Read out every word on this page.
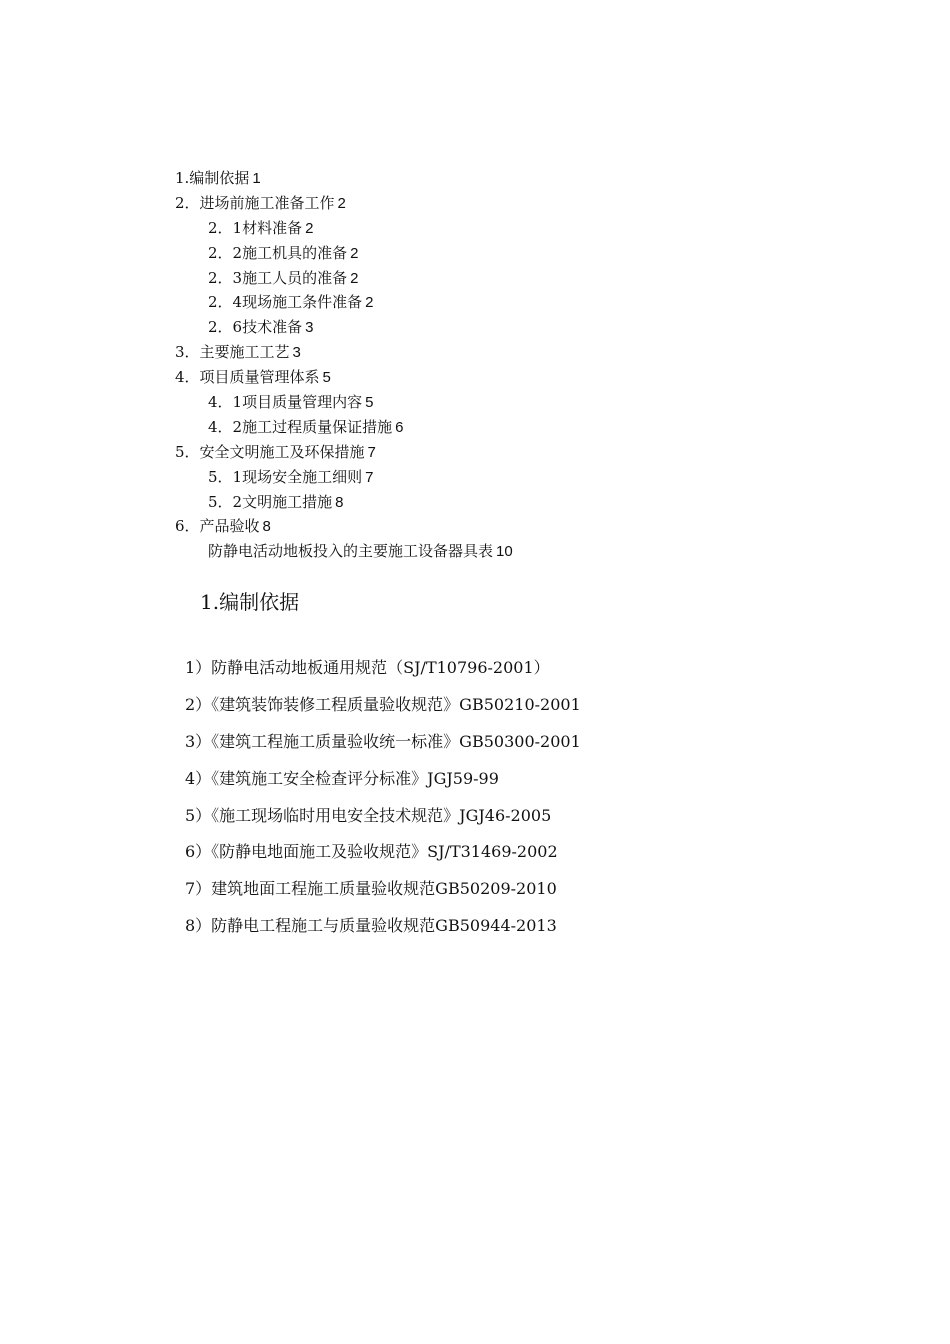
1.编制依据 1
2．进场前施工准备工作 2
2．1材料准备 2
2．2施工机具的准备 2
2．3施工人员的准备 2
2．4现场施工条件准备 2
2．6技术准备 3
3．主要施工工艺 3
4．项目质量管理体系 5
4．1项目质量管理内容 5
4．2施工过程质量保证措施 6
5．安全文明施工及环保措施 7
5．1现场安全施工细则 7
5．2文明施工措施 8
6．产品验收 8
防静电活动地板投入的主要施工设备器具表 10
1.编制依据
1）防静电活动地板通用规范（SJ/T10796-2001）
2）《建筑装饰装修工程质量验收规范》GB50210-2001
3）《建筑工程施工质量验收统一标准》GB50300-2001
4）《建筑施工安全检查评分标准》JGJ59-99
5）《施工现场临时用电安全技术规范》JGJ46-2005
6）《防静电地面施工及验收规范》SJ/T31469-2002
7）建筑地面工程施工质量验收规范GB50209-2010
8）防静电工程施工与质量验收规范GB50944-2013
